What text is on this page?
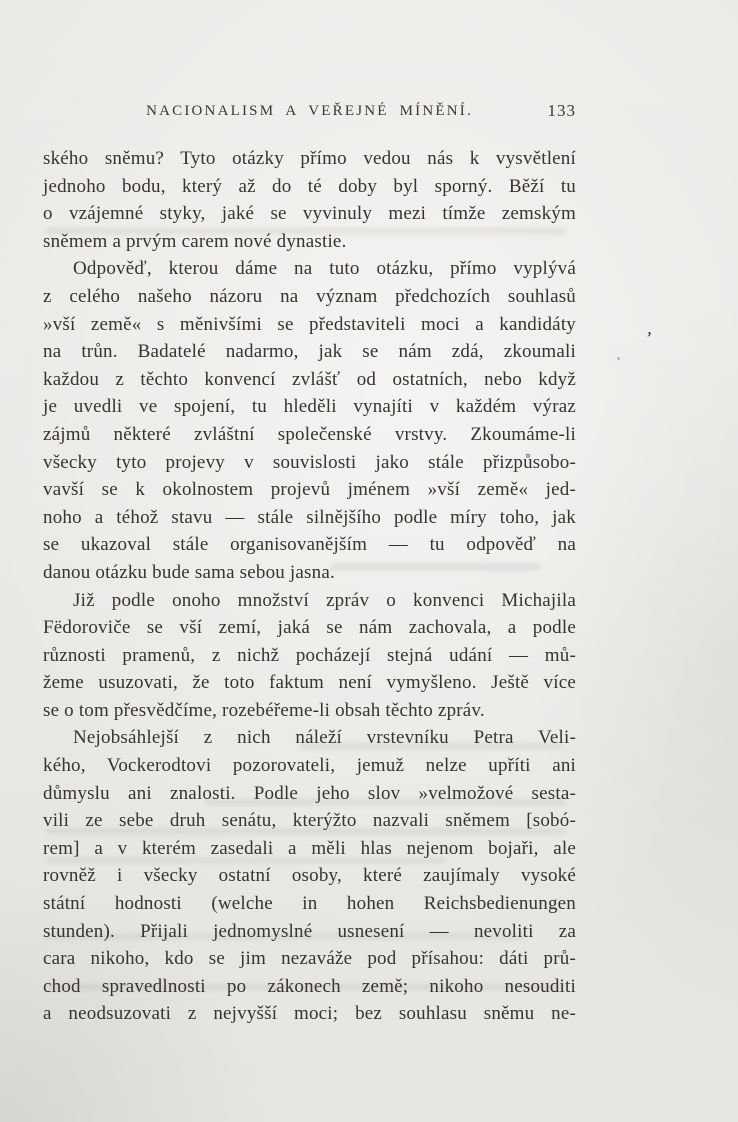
NACIONALISM A VEŘEJNÉ MÍNĚNÍ.	133
ského sněmu? Tyto otázky přímo vedou nás k vysvětlení
jednoho bodu, který až do té doby byl sporný. Běží tu
o vzájemné styky, jaké se vyvinuly mezi tímže zemským
sněmem a prvým carem nové dynastie.
Odpověď, kterou dáme na tuto otázku, přímo vyplývá
z celého našeho názoru na význam předchozích souhlasů
»vší země« s měnivšími se představiteli moci a kandidáty
na trůn. Badatelé nadarmo, jak se nám zdá, zkoumali
každou z těchto konvencí zvlášť od ostatních, nebo když
je uvedli ve spojení, tu hleděli vynajíti v každém výraz
zájmů některé zvláštní společenské vrstvy. Zkoumáme-li
všecky tyto projevy v souvislosti jako stále přizpůsobo-
vavší se k okolnostem projevů jménem »vší země« jed-
noho a téhož stavu — stále silnějšího podle míry toho, jak
se ukazoval stále organisovanějším — tu odpověď na
danou otázku bude sama sebou jasna.
Již podle onoho množství zpráv o konvenci Michajila
Fëdoroviče se vší zemí, jaká se nám zachovala, a podle
různosti pramenů, z nichž pocházejí stejná udání — mů-
žeme usuzovati, že toto faktum není vymyšleno. Ještě více
se o tom přesvědčíme, rozebéřeme-li obsah těchto zpráv.
Nejobsáhlejší z nich náleží vrstevníku Petra Veli-
kého, Vockerodtovi pozorovateli, jemuž nelze upříti ani
důmyslu ani znalosti. Podle jeho slov »velmožové sesta-
vili ze sebe druh senátu, kterýžto nazvali sněmem [sobó-
rem] a v kterém zasedali a měli hlas nejenom bojaři, ale
rovněž i všecky ostatní osoby, které zaujímaly vysoké
státní hodnosti (welche in hohen Reichsbedienungen
stunden). Přijali jednomyslné usnesení — nevoliti za
cara nikoho, kdo se jim nezaváže pod přísahou: dáti prů-
chod spravedlnosti po zákonech země; nikoho nesouditi
a neodsuzovati z nejvyšší moci; bez souhlasu sněmu ne-
,
